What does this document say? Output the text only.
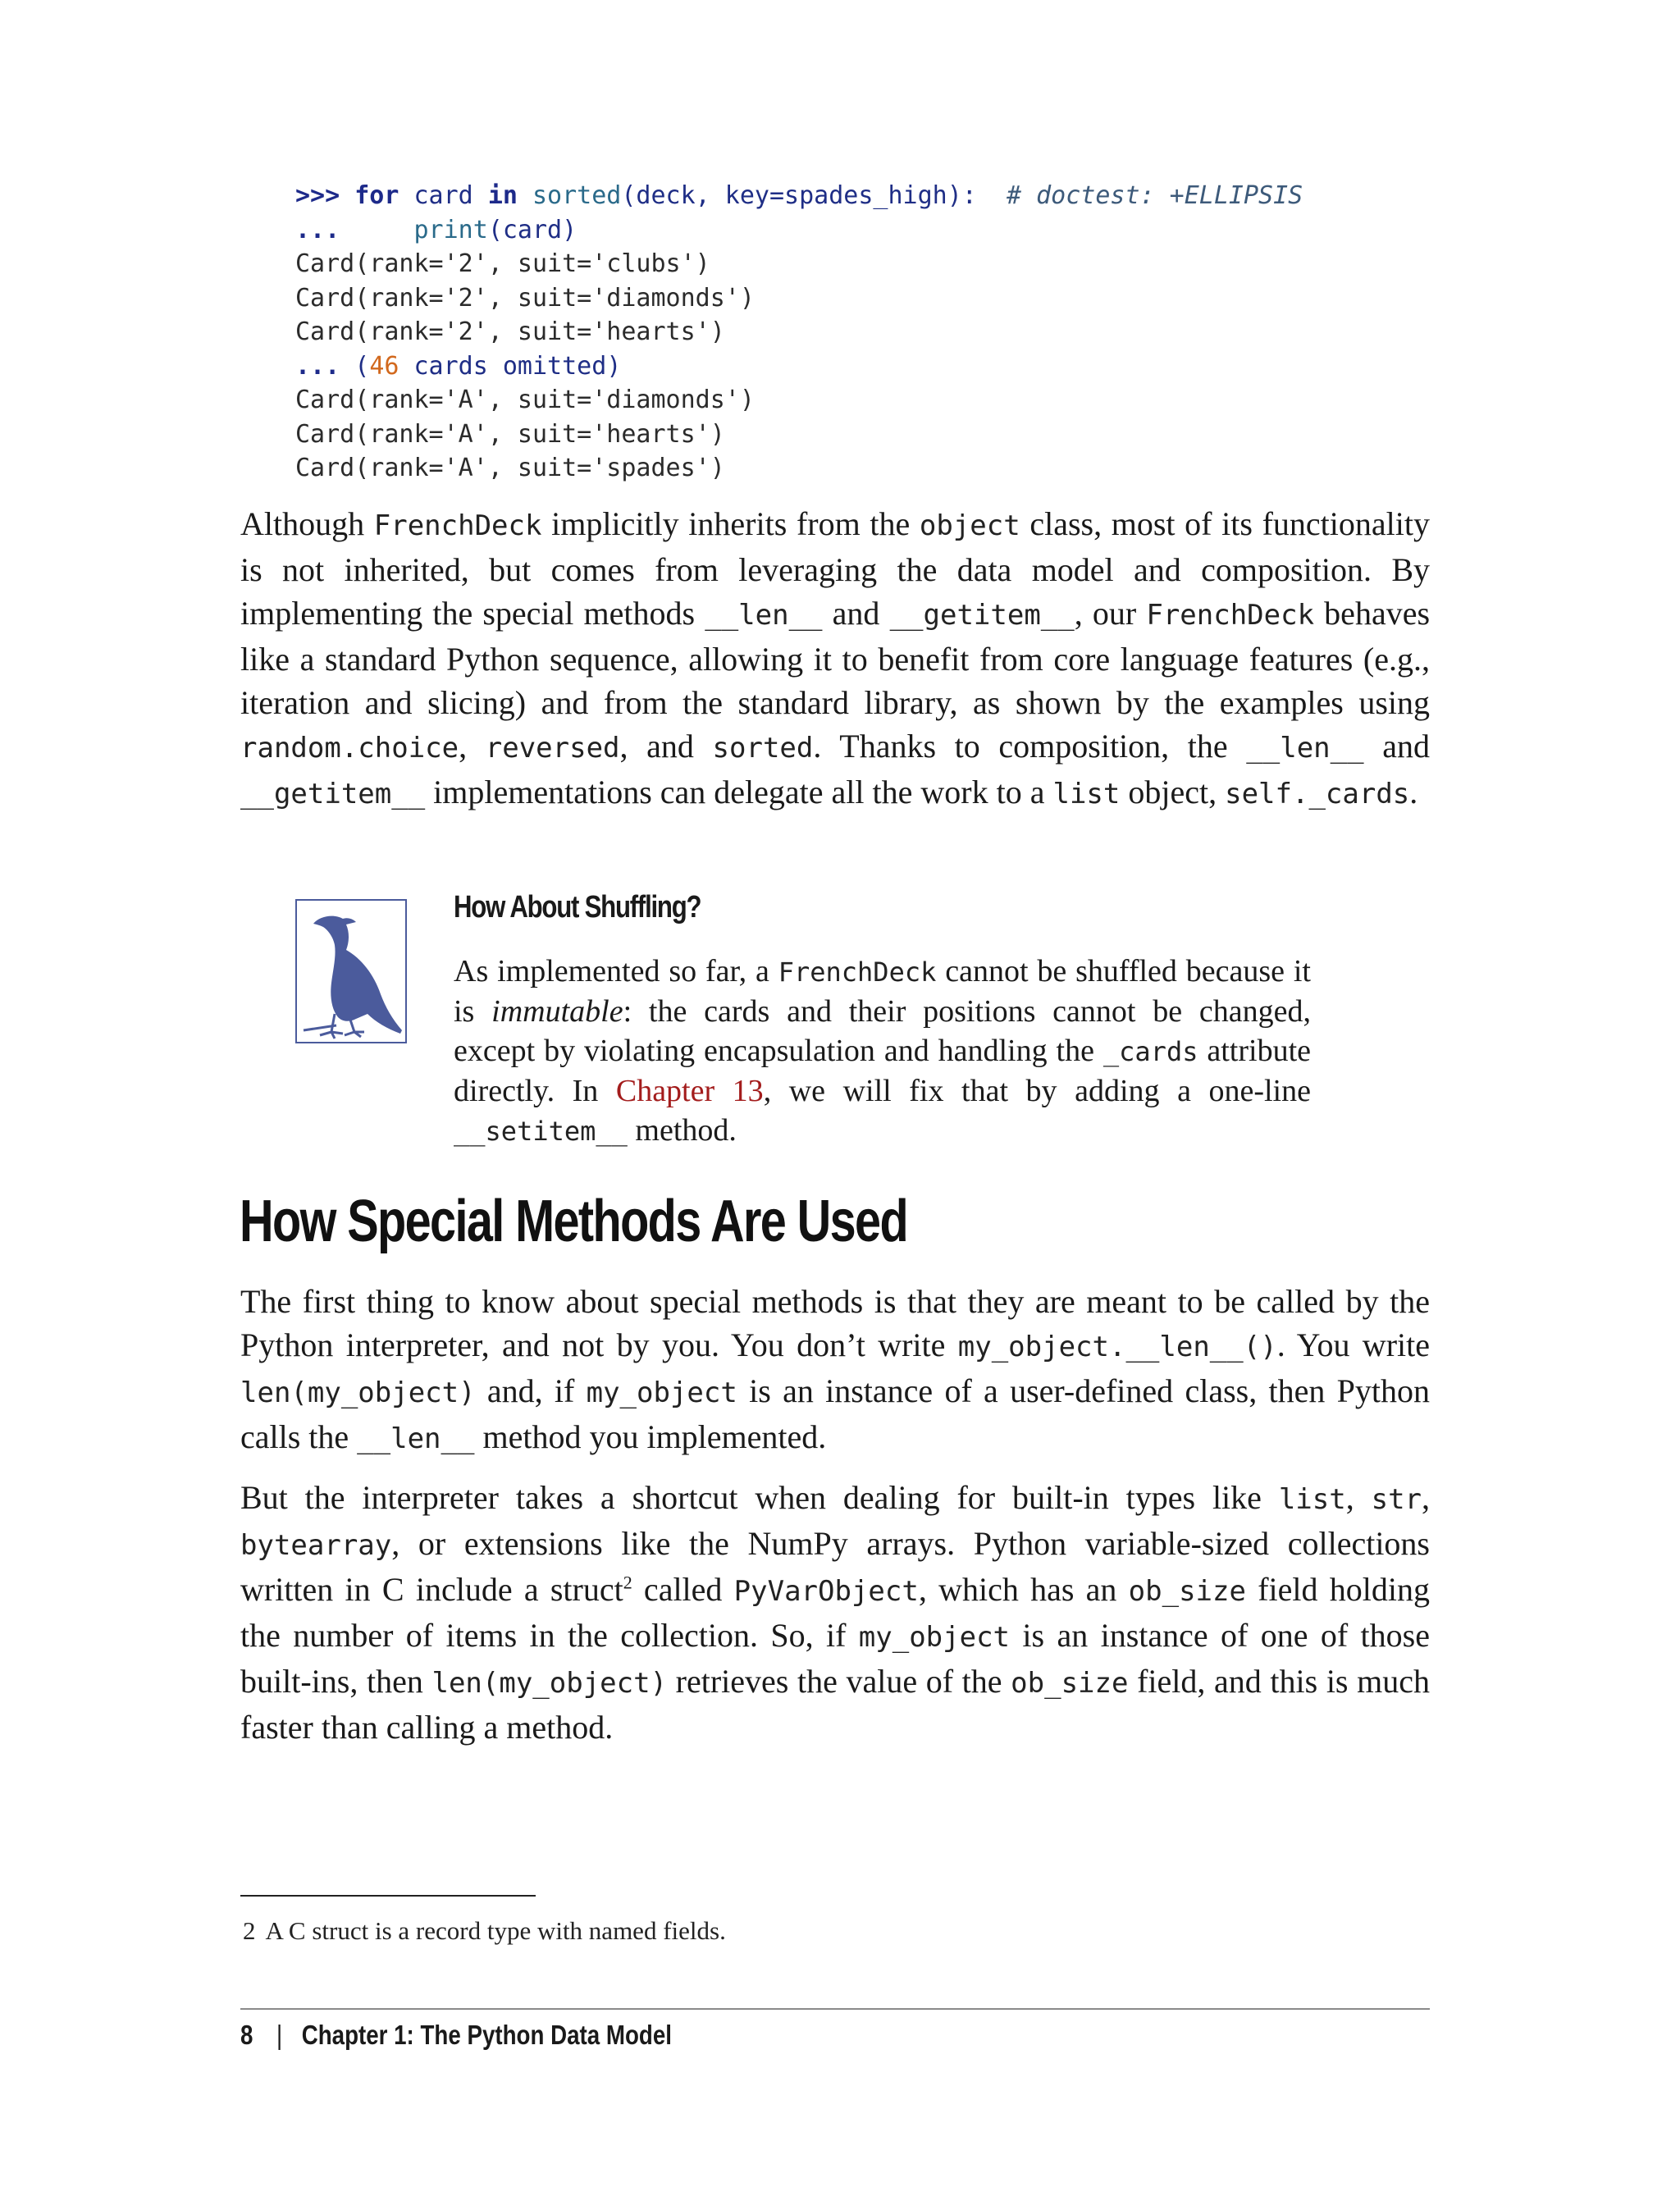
>>> for card in sorted(deck, key=spades_high): # doctest: +ELLIPSIS
...	print(card)
Card(rank='2', suit='clubs')
Card(rank='2', suit='diamonds')
Card(rank='2', suit='hearts')
... (46 cards omitted)
Card(rank='A', suit='diamonds')
Card(rank='A', suit='hearts')
Card(rank='A', suit='spades')

Although FrenchDeck implicitly inherits from the object class, most of its functionality is not inherited, but comes from leveraging the data model and composition. By implementing the special methods __len__ and __getitem__, our FrenchDeck behaves like a standard Python sequence, allowing it to benefit from core language features (e.g., iteration and slicing) and from the standard library, as shown by the examples using random.choice, reversed, and sorted. Thanks to composition, the __len__ and __getitem__ implementations can delegate all the work to a list object, self._cards.

How About Shuffling?

As implemented so far, a FrenchDeck cannot be shuffled because it is immutable: the cards and their positions cannot be changed, except by violating encapsulation and handling the _cards attribute directly. In Chapter 13, we will fix that by adding a one-line __setitem__ method.

How Special Methods Are Used

The first thing to know about special methods is that they are meant to be called by the Python interpreter, and not by you. You don’t write my_object.__len__(). You write len(my_object) and, if my_object is an instance of a user-defined class, then Python calls the __len__ method you implemented.

But the interpreter takes a shortcut when dealing for built-in types like list, str, bytearray, or extensions like the NumPy arrays. Python variable-sized collections written in C include a struct$^2$ called PyVarObject, which has an ob_size field holding the number of items in the collection. So, if my_object is an instance of one of those built-ins, then len(my_object) retrieves the value of the ob_size field, and this is much faster than calling a method.

2 A C struct is a record type with named fields.

8 | Chapter 1: The Python Data Model
